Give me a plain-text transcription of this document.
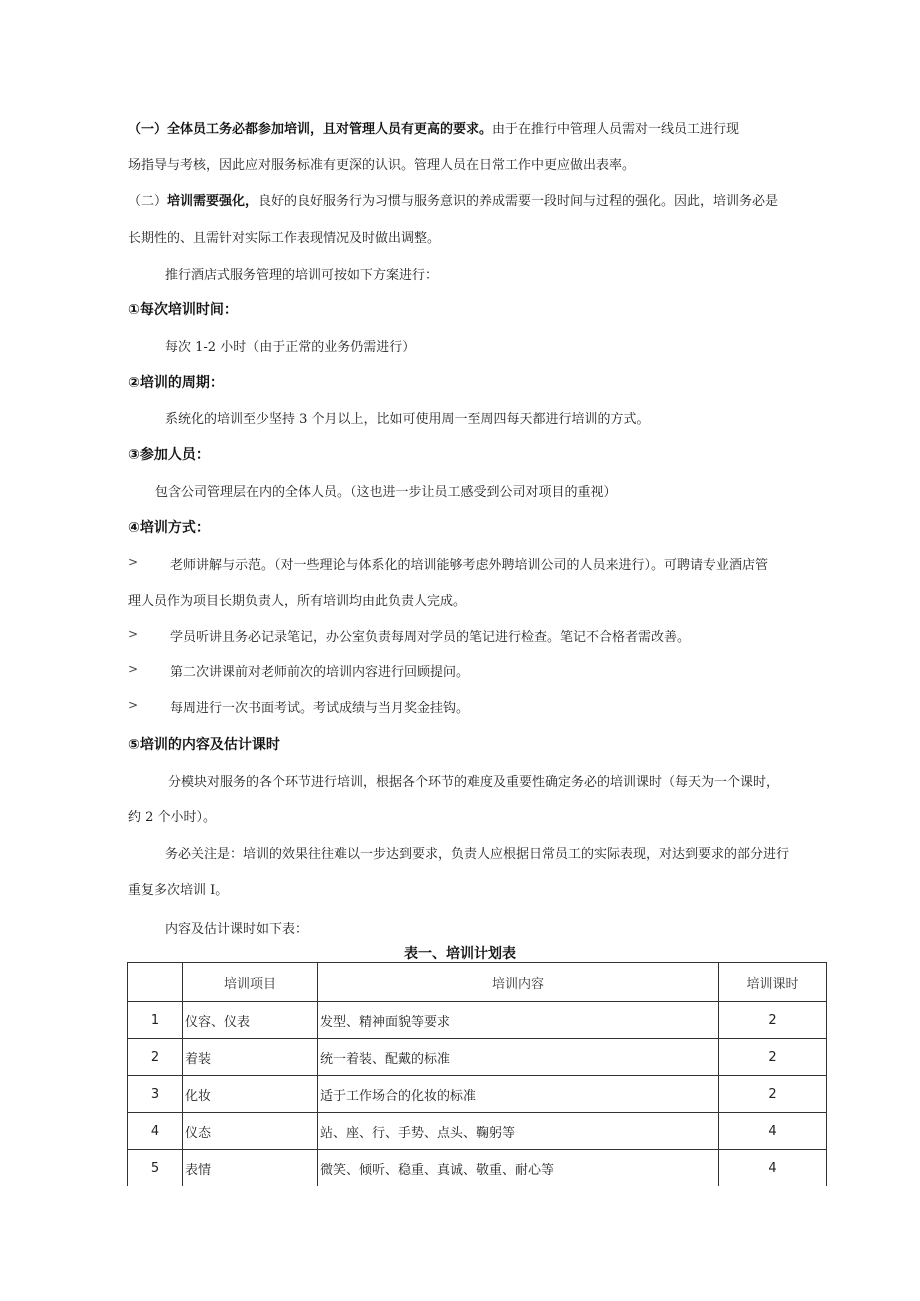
（一）全体员工务必都参加培训，且对管理人员有更高的要求。由于在推行中管理人员需对一线员工进行现
场指导与考核，因此应对服务标准有更深的认识。管理人员在日常工作中更应做出表率。
（二）培训需要强化，良好的良好服务行为习惯与服务意识的养成需要一段时间与过程的强化。因此，培训务必是
长期性的、且需针对实际工作表现情况及时做出调整。
推行酒店式服务管理的培训可按如下方案进行：
①每次培训时间：
每次 1-2 小时（由于正常的业务仍需进行）
②培训的周期：
系统化的培训至少坚持 3 个月以上，比如可使用周一至周四每天都进行培训的方式。
③参加人员：
包含公司管理层在内的全体人员。（这也进一步让员工感受到公司对项目的重视）
④培训方式：
> 老师讲解与示范。（对一些理论与体系化的培训能够考虑外聘培训公司的人员来进行）。可聘请专业酒店管
理人员作为项目长期负责人，所有培训均由此负责人完成。
> 学员听讲且务必记录笔记，办公室负责每周对学员的笔记进行检查。笔记不合格者需改善。
> 第二次讲课前对老师前次的培训内容进行回顾提问。
> 每周进行一次书面考试。考试成绩与当月奖金挂钩。
⑤培训的内容及估计课时
分模块对服务的各个环节进行培训，根据各个环节的难度及重要性确定务必的培训课时（每天为一个课时，
约 2 个小时）。
务必关注是：培训的效果往往难以一步达到要求，负责人应根据日常员工的实际表现，对达到要求的部分进行
重复多次培训 I。
内容及估计课时如下表：
表一、培训计划表
	培训项目	培训内容	培训课时
1	仪容、仪表	发型、精神面貌等要求	2
2	着装	统一着装、配戴的标准	2
3	化妆	适于工作场合的化妆的标准	2
4	仪态	站、座、行、手势、点头、鞠躬等	4
5	表情	微笑、倾听、稳重、真诚、敬重、耐心等	4
